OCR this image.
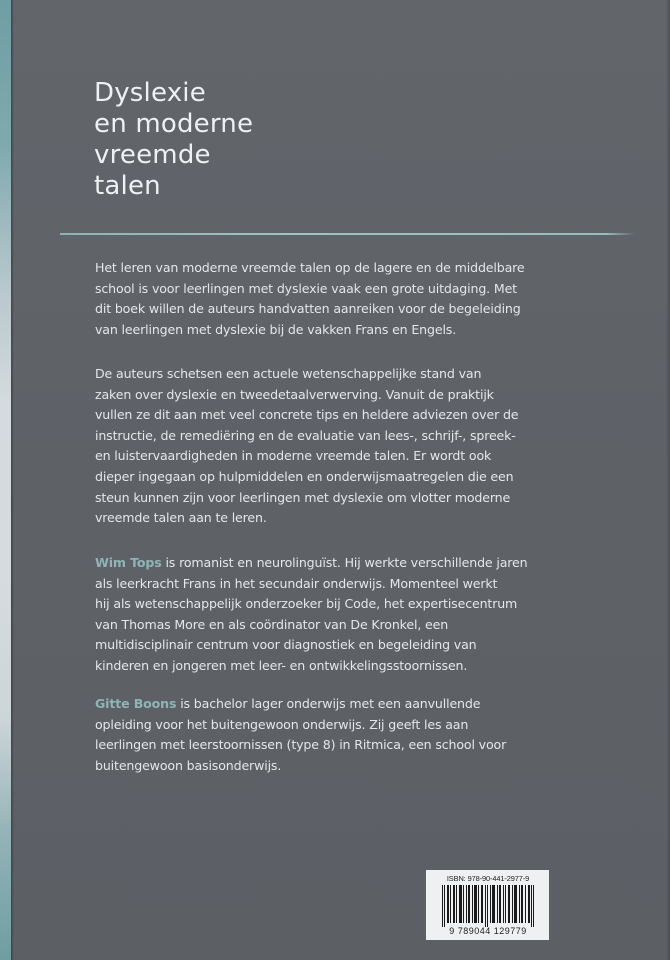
Dyslexie
en moderne
vreemde
talen

Het leren van moderne vreemde talen op de lagere en de middelbare
school is voor leerlingen met dyslexie vaak een grote uitdaging. Met
dit boek willen de auteurs handvatten aanreiken voor de begeleiding
van leerlingen met dyslexie bij de vakken Frans en Engels.

De auteurs schetsen een actuele wetenschappelijke stand van
zaken over dyslexie en tweedetaalverwerving. Vanuit de praktijk
vullen ze dit aan met veel concrete tips en heldere adviezen over de
instructie, de remediëring en de evaluatie van lees-, schrijf-, spreek-
en luistervaardigheden in moderne vreemde talen. Er wordt ook
dieper ingegaan op hulpmiddelen en onderwijsmaatregelen die een
steun kunnen zijn voor leerlingen met dyslexie om vlotter moderne
vreemde talen aan te leren.

Wim Tops is romanist en neurolinguïst. Hij werkte verschillende jaren
als leerkracht Frans in het secundair onderwijs. Momenteel werkt
hij als wetenschappelijk onderzoeker bij Code, het expertisecentrum
van Thomas More en als coördinator van De Kronkel, een
multidisciplinair centrum voor diagnostiek en begeleiding van
kinderen en jongeren met leer- en ontwikkelingsstoornissen.

Gitte Boons is bachelor lager onderwijs met een aanvullende
opleiding voor het buitengewoon onderwijs. Zij geeft les aan
leerlingen met leerstoornissen (type 8) in Ritmica, een school voor
buitengewoon basisonderwijs.

ISBN: 978-90-441-2977-9
9 789044 129779
